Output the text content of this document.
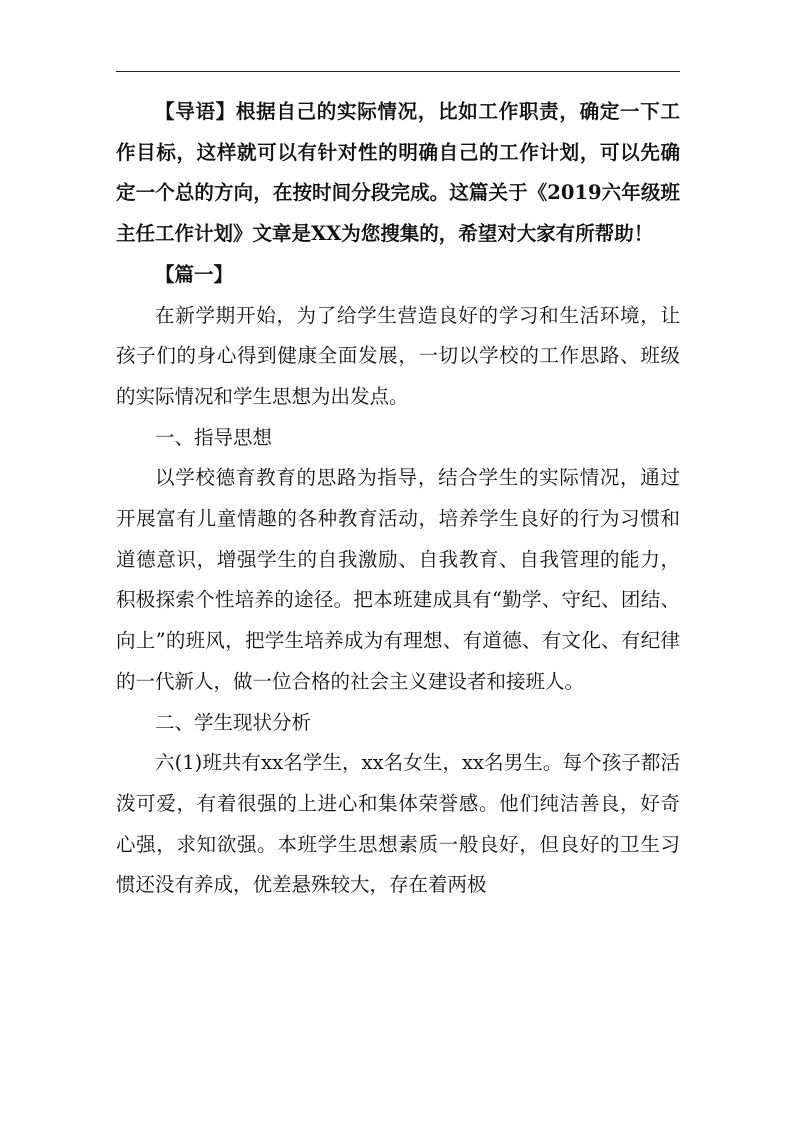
【导语】根据自己的实际情况，比如工作职责，确定一下工作目标，这样就可以有针对性的明确自己的工作计划，可以先确定一个总的方向，在按时间分段完成。这篇关于《2019六年级班主任工作计划》文章是XX为您搜集的，希望对大家有所帮助！

【篇一】

在新学期开始，为了给学生营造良好的学习和生活环境，让孩子们的身心得到健康全面发展，一切以学校的工作思路、班级的实际情况和学生思想为出发点。

一、指导思想

以学校德育教育的思路为指导，结合学生的实际情况，通过开展富有儿童情趣的各种教育活动，培养学生良好的行为习惯和道德意识，增强学生的自我激励、自我教育、自我管理的能力，积极探索个性培养的途径。把本班建成具有“勤学、守纪、团结、向上”的班风，把学生培养成为有理想、有道德、有文化、有纪律的一代新人，做一位合格的社会主义建设者和接班人。

二、学生现状分析

六(1)班共有xx名学生，xx名女生，xx名男生。每个孩子都活泼可爱，有着很强的上进心和集体荣誉感。他们纯洁善良，好奇心强，求知欲强。本班学生思想素质一般良好，但良好的卫生习惯还没有养成，优差悬殊较大，存在着两极
